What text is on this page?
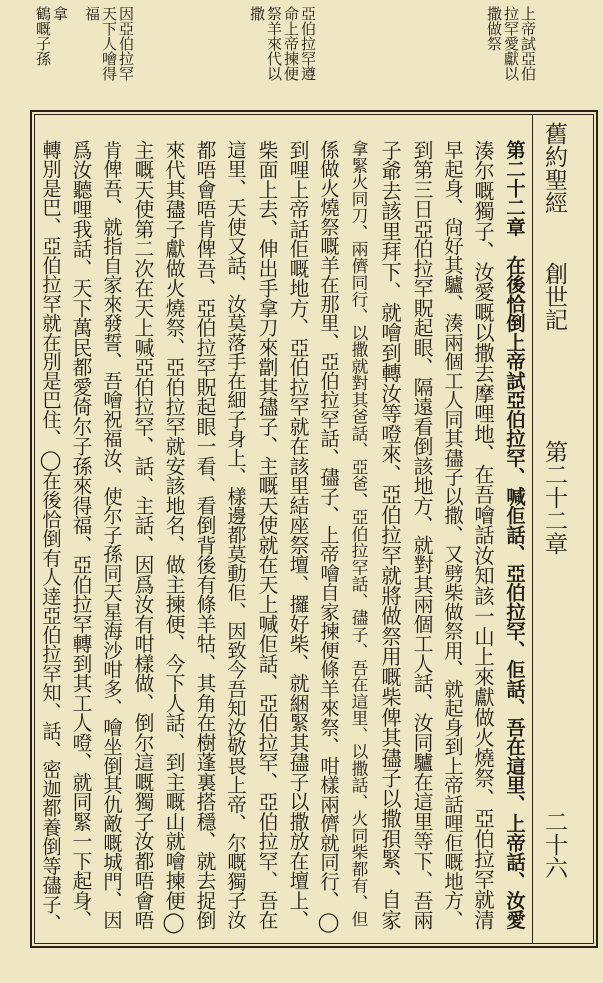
上帝試亞伯
拉罕愛獻以
撒做祭
亞伯拉罕遵
命上帝揀便
祭羊來代以
撒
因亞伯拉罕
天下人噲得
福
拿
鶴嘅子孫
舊約聖經
創世記
第二十二章
二十六
第二十二章　在後恰倒上帝試亞伯拉罕、喊佢話、亞伯拉罕、佢話、吾在這里、上帝話、汝愛
湊尔嘅獨子、汝愛嘅以撒去摩哩地、在吾噲話汝知該一山上來獻做火燒祭、亞伯拉罕就清
早起身、尙好其驢、湊兩個工人同其孻子以撒、又劈柴做祭用、就起身到上帝話哩佢嘅地方、
到第三日亞伯拉罕貺起眼、隔遠看倒該地方、就對其兩個工人話、汝同驢在這里等下、吾兩
子爺去該里拜下、就噲到轉汝等噔來、亞伯拉罕就將做祭用嘅柴俾其孻子以撒孭緊、自家
拿緊火同刀、兩儕同行、以撒就對其爸話、亞爸、亞伯拉罕話、孻子、吾在這里、以撒話、火同柴都有、但
係做火燒祭嘅羊在那里、亞伯拉罕話、孻子、上帝噲自家揀便條羊來祭、咁樣兩儕就同行、◯
到哩上帝話佢嘅地方、亞伯拉罕就在該里結座祭壇、攞好柴、就綑緊其孻子以撒放在壇上、
柴面上去、伸出手拿刀來劏其孻子、主嘅天使就在天上喊佢話、亞伯拉罕、亞伯拉罕、吾在
這里、天使又話、汝莫落手在細子身上、樣邊都莫動佢、因致今吾知汝敬畏上帝、尔嘅獨子汝
都唔會唔肯俾吾、亞伯拉罕貺起眼一看、看倒背後有條羊牯、其角在樹蓬裏搭穩、就去捉倒
來代其孻子獻做火燒祭、亞伯拉罕就安該地名、做主揀便、今下人話、到主嘅山就噲揀便◯
主嘅天使第二次在天上喊亞伯拉罕、話、主話、因爲汝有咁樣做、倒尔這嘅獨子汝都唔會唔
肯俾吾、就指自家來發誓、吾噲祝福汝、使尔子孫同天星海沙咁多、噲坐倒其仇敵嘅城門、因
爲汝聽哩我話、天下萬民都愛倚尔子孫來得福、亞伯拉罕轉到其工人噔、就同緊一下起身、
轉別是巴、亞伯拉罕就在別是巴住、◯在後恰倒有人逹亞伯拉罕知、話、密迦都養倒等孻子、
